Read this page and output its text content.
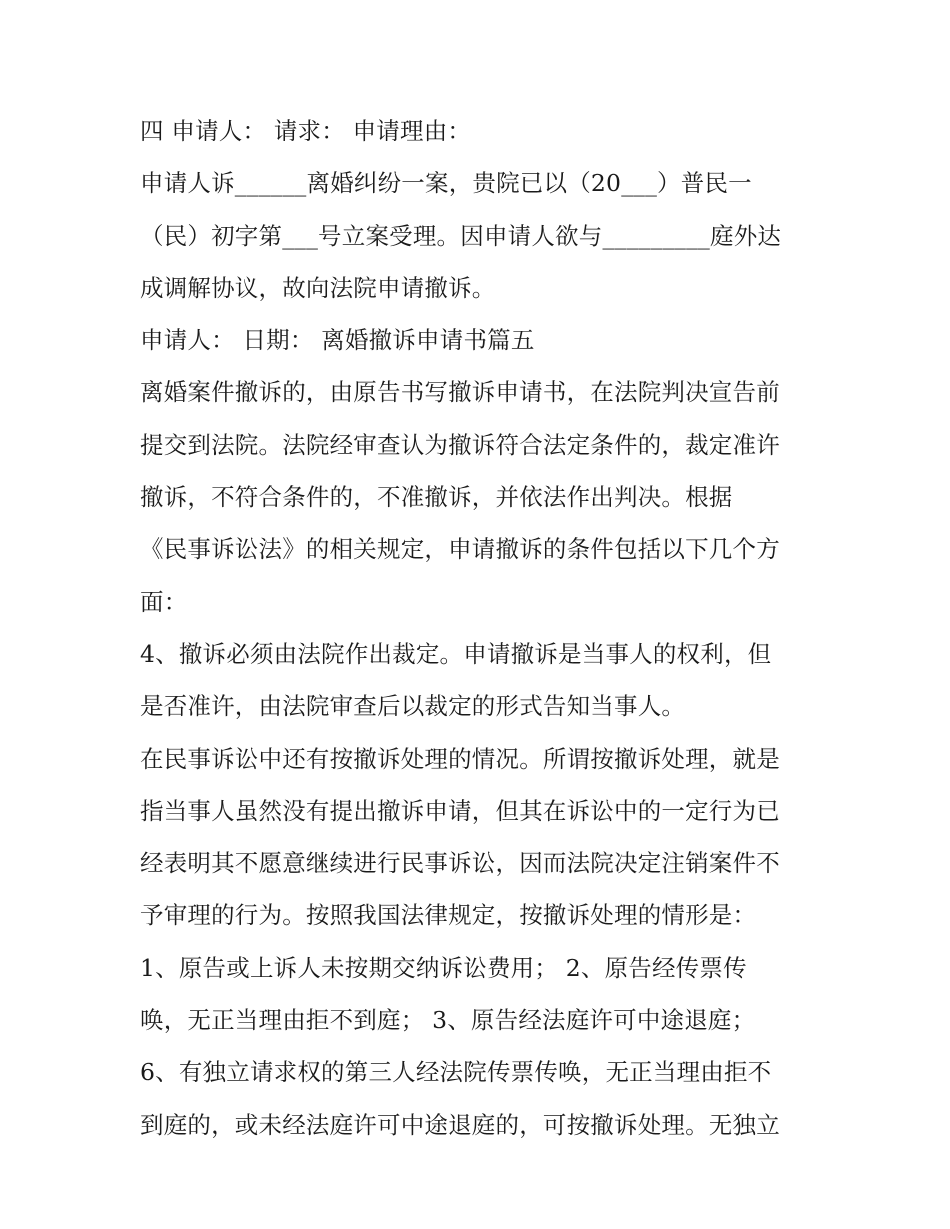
四 申请人： 请求： 申请理由：
申请人诉______离婚纠纷一案，贵院已以（20___）普民一
（民）初字第___号立案受理。因申请人欲与_________庭外达
成调解协议，故向法院申请撤诉。
申请人： 日期： 离婚撤诉申请书篇五
离婚案件撤诉的，由原告书写撤诉申请书，在法院判决宣告前
提交到法院。法院经审查认为撤诉符合法定条件的，裁定准许
撤诉，不符合条件的，不准撤诉，并依法作出判决。根据
《民事诉讼法》的相关规定，申请撤诉的条件包括以下几个方
面：
4、撤诉必须由法院作出裁定。申请撤诉是当事人的权利，但
是否准许，由法院审查后以裁定的形式告知当事人。
在民事诉讼中还有按撤诉处理的情况。所谓按撤诉处理，就是
指当事人虽然没有提出撤诉申请，但其在诉讼中的一定行为已
经表明其不愿意继续进行民事诉讼，因而法院决定注销案件不
予审理的行为。按照我国法律规定，按撤诉处理的情形是：
1、原告或上诉人未按期交纳诉讼费用； 2、原告经传票传
唤，无正当理由拒不到庭； 3、原告经法庭许可中途退庭；
6、有独立请求权的第三人经法院传票传唤，无正当理由拒不
到庭的，或未经法庭许可中途退庭的，可按撤诉处理。无独立
